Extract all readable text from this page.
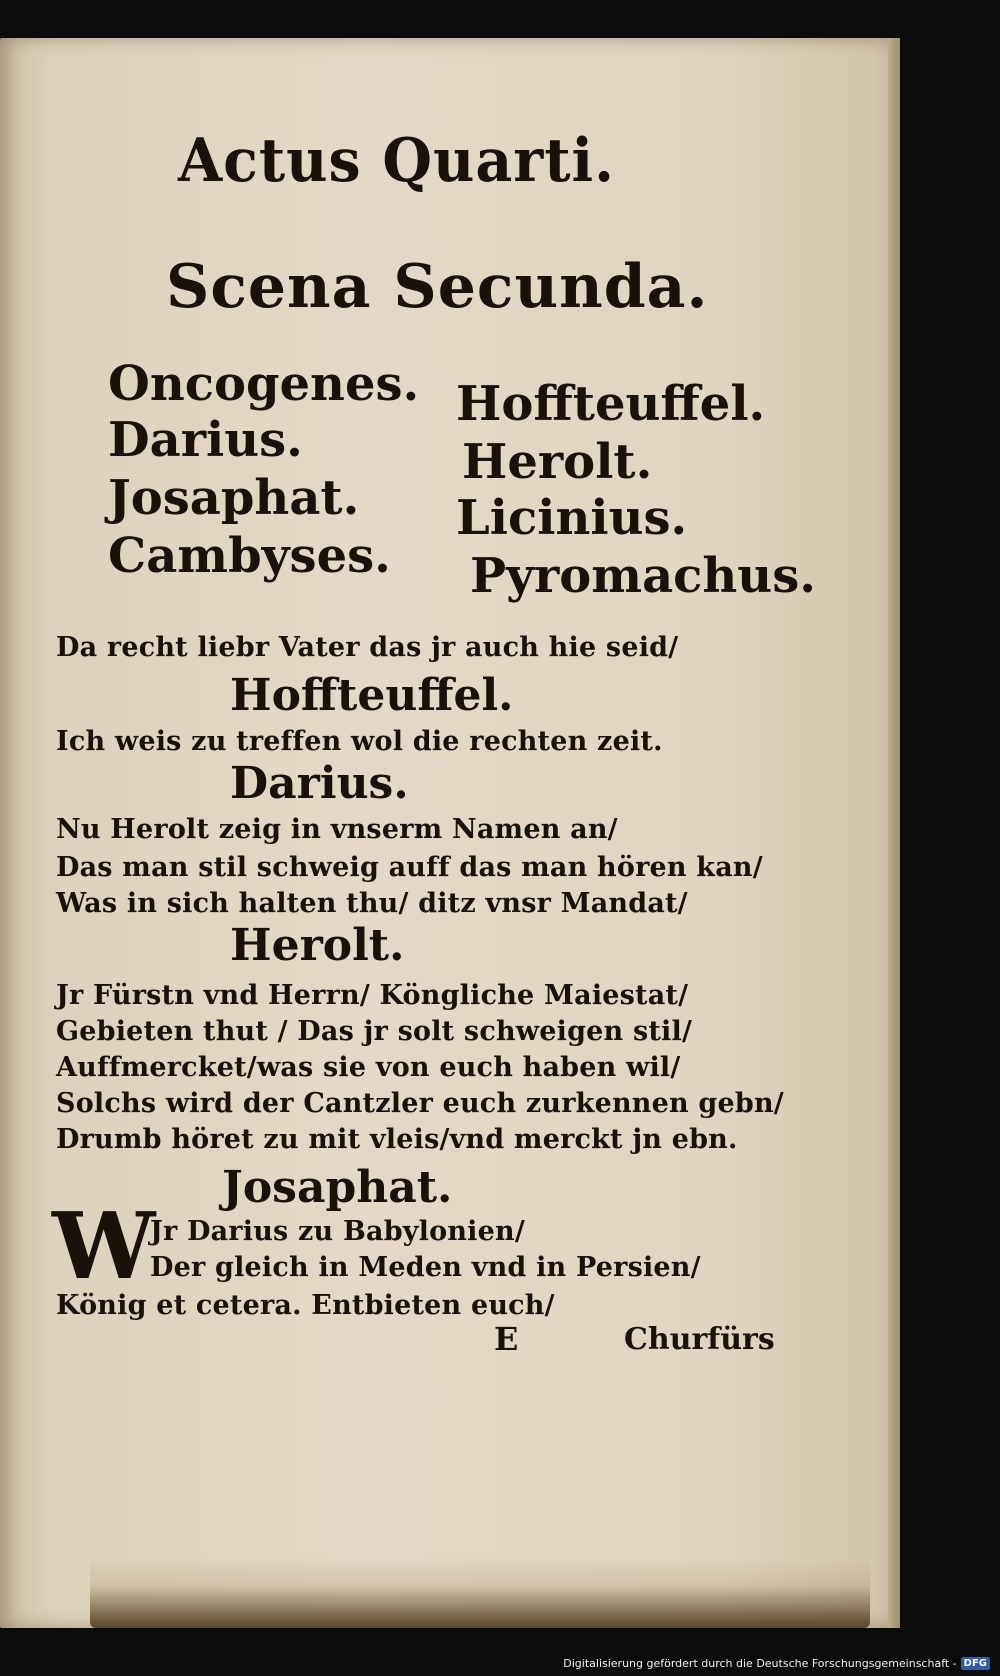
Actus Quarti.
Scena Secunda.
Oncogenes.
Darius.
Josaphat.
Cambyses.
Hoffteuffel.
Herolt.
Licinius.
Pyromachus.
Da recht liebr Vater das jr auch hie seid/
Hoffteuffel.
Ich weis zu treffen wol die rechten zeit.
Darius.
Nu Herolt zeig in vnserm Namen an/
Das man stil schweig auff das man hören kan/
Was in sich halten thu/ ditz vnsr Mandat/
Herolt.
Jr Fürstn vnd Herrn/ Köngliche Maiestat/
Gebieten thut / Das jr solt schweigen stil/
Auffmercket/was sie von euch haben wil/
Solchs wird der Cantzler euch zurkennen gebn/
Drumb höret zu mit vleis/vnd merckt jn ebn.
Josaphat.
W
Jr Darius zu Babylonien/
Der gleich in Meden vnd in Persien/
König et cetera. Entbieten euch/
E	Churfürs
Digitalisierung gefördert durch die Deutsche Forschungsgemeinschaft - DFG
